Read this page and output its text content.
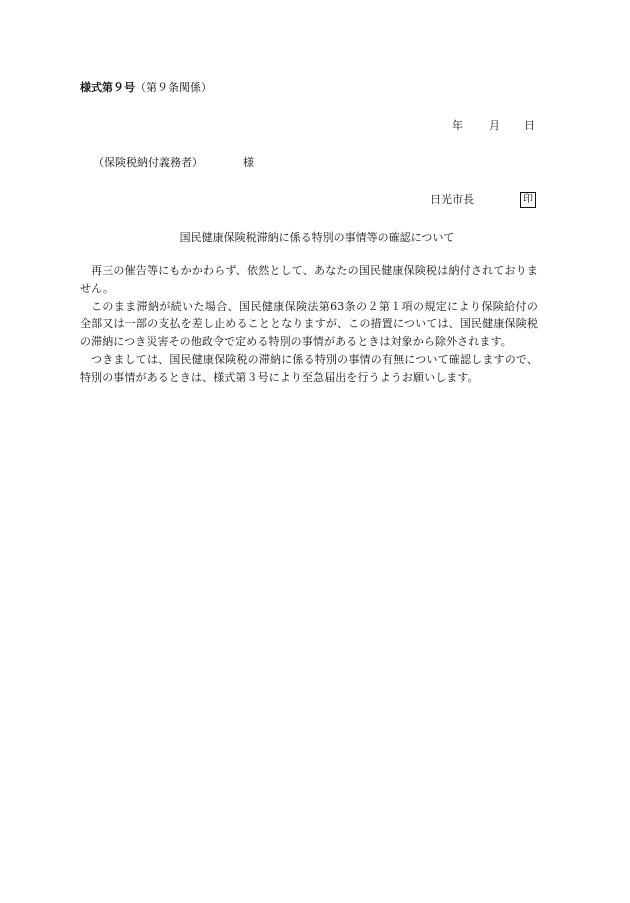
様式第９号（第９条関係）
年 月 日
（保険税納付義務者）	様
日光市長	印
国民健康保険税滞納に係る特別の事情等の確認について

再三の催告等にもかかわらず、依然として、あなたの国民健康保険税は納付されておりません。

このまま滞納が続いた場合、国民健康保険法第63条の２第１項の規定により保険給付の全部又は一部の支払を差し止めることとなりますが、この措置については、国民健康保険税の滞納につき災害その他政令で定める特別の事情があるときは対象から除外されます。

つきましては、国民健康保険税の滞納に係る特別の事情の有無について確認しますので、特別の事情があるときは、様式第３号により至急届出を行うようお願いします。
